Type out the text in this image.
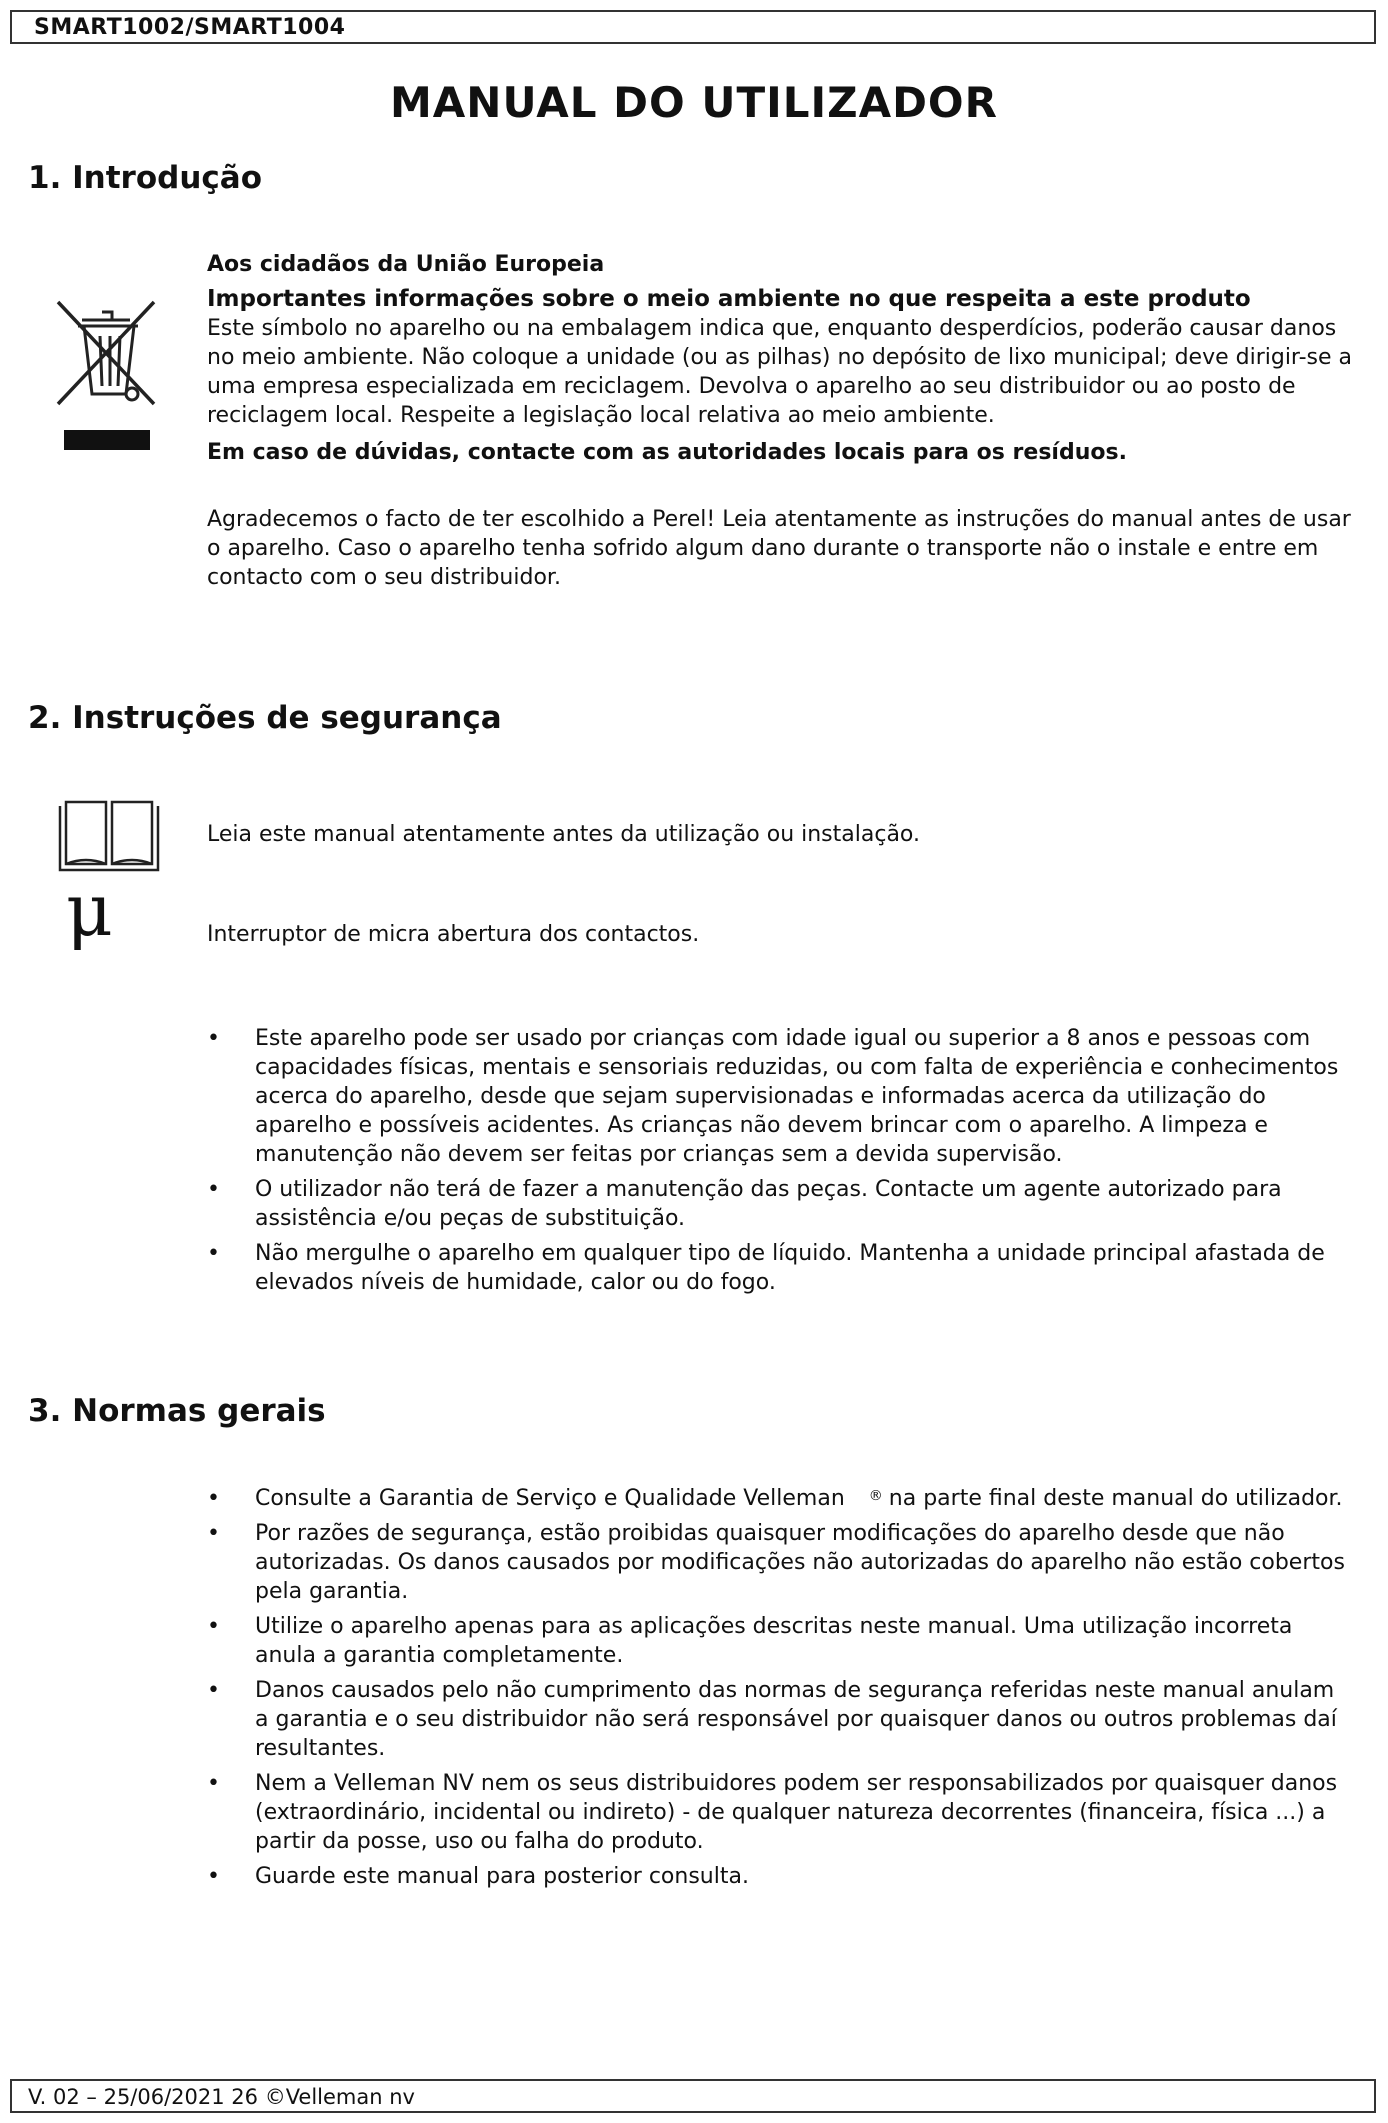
SMART1002/SMART1004
MANUAL DO UTILIZADOR
1. Introdução

Aos cidadãos da União Europeia

Importantes informações sobre o meio ambiente no que respeita a este produto

Este símbolo no aparelho ou na embalagem indica que, enquanto desperdícios, poderão causar danos no meio ambiente. Não coloque a unidade (ou as pilhas) no depósito de lixo municipal; deve dirigir-se a uma empresa especializada em reciclagem. Devolva o aparelho ao seu distribuidor ou ao posto de reciclagem local. Respeite a legislação local relativa ao meio ambiente.

Em caso de dúvidas, contacte com as autoridades locais para os resíduos.

Agradecemos o facto de ter escolhido a Perel! Leia atentamente as instruções do manual antes de usar o aparelho. Caso o aparelho tenha sofrido algum dano durante o transporte não o instale e entre em contacto com o seu distribuidor.

2. Instruções de segurança
Leia este manual atentamente antes da utilização ou instalação.
μ	Interruptor de micra abertura dos contactos.
• Este aparelho pode ser usado por crianças com idade igual ou superior a 8 anos e pessoas com capacidades físicas, mentais e sensoriais reduzidas, ou com falta de experiência e conhecimentos acerca do aparelho, desde que sejam supervisionadas e informadas acerca da utilização do aparelho e possíveis acidentes. As crianças não devem brincar com o aparelho. A limpeza e manutenção não devem ser feitas por crianças sem a devida supervisão.
• O utilizador não terá de fazer a manutenção das peças. Contacte um agente autorizado para assistência e/ou peças de substituição.
• Não mergulhe o aparelho em qualquer tipo de líquido. Mantenha a unidade principal afastada de elevados níveis de humidade, calor ou do fogo.
3. Normas gerais
• Consulte a Garantia de Serviço e Qualidade Velleman ® na parte final deste manual do utilizador.
• Por razões de segurança, estão proibidas quaisquer modificações do aparelho desde que não autorizadas. Os danos causados por modificações não autorizadas do aparelho não estão cobertos pela garantia.
• Utilize o aparelho apenas para as aplicações descritas neste manual. Uma utilização incorreta anula a garantia completamente.
• Danos causados pelo não cumprimento das normas de segurança referidas neste manual anulam a garantia e o seu distribuidor não será responsável por quaisquer danos ou outros problemas daí resultantes.
• Nem a Velleman NV nem os seus distribuidores podem ser responsabilizados por quaisquer danos (extraordinário, incidental ou indireto) - de qualquer natureza decorrentes (financeira, física ...) a partir da posse, uso ou falha do produto.
• Guarde este manual para posterior consulta.
V. 02 – 25/06/2021 26 ©Velleman nv
